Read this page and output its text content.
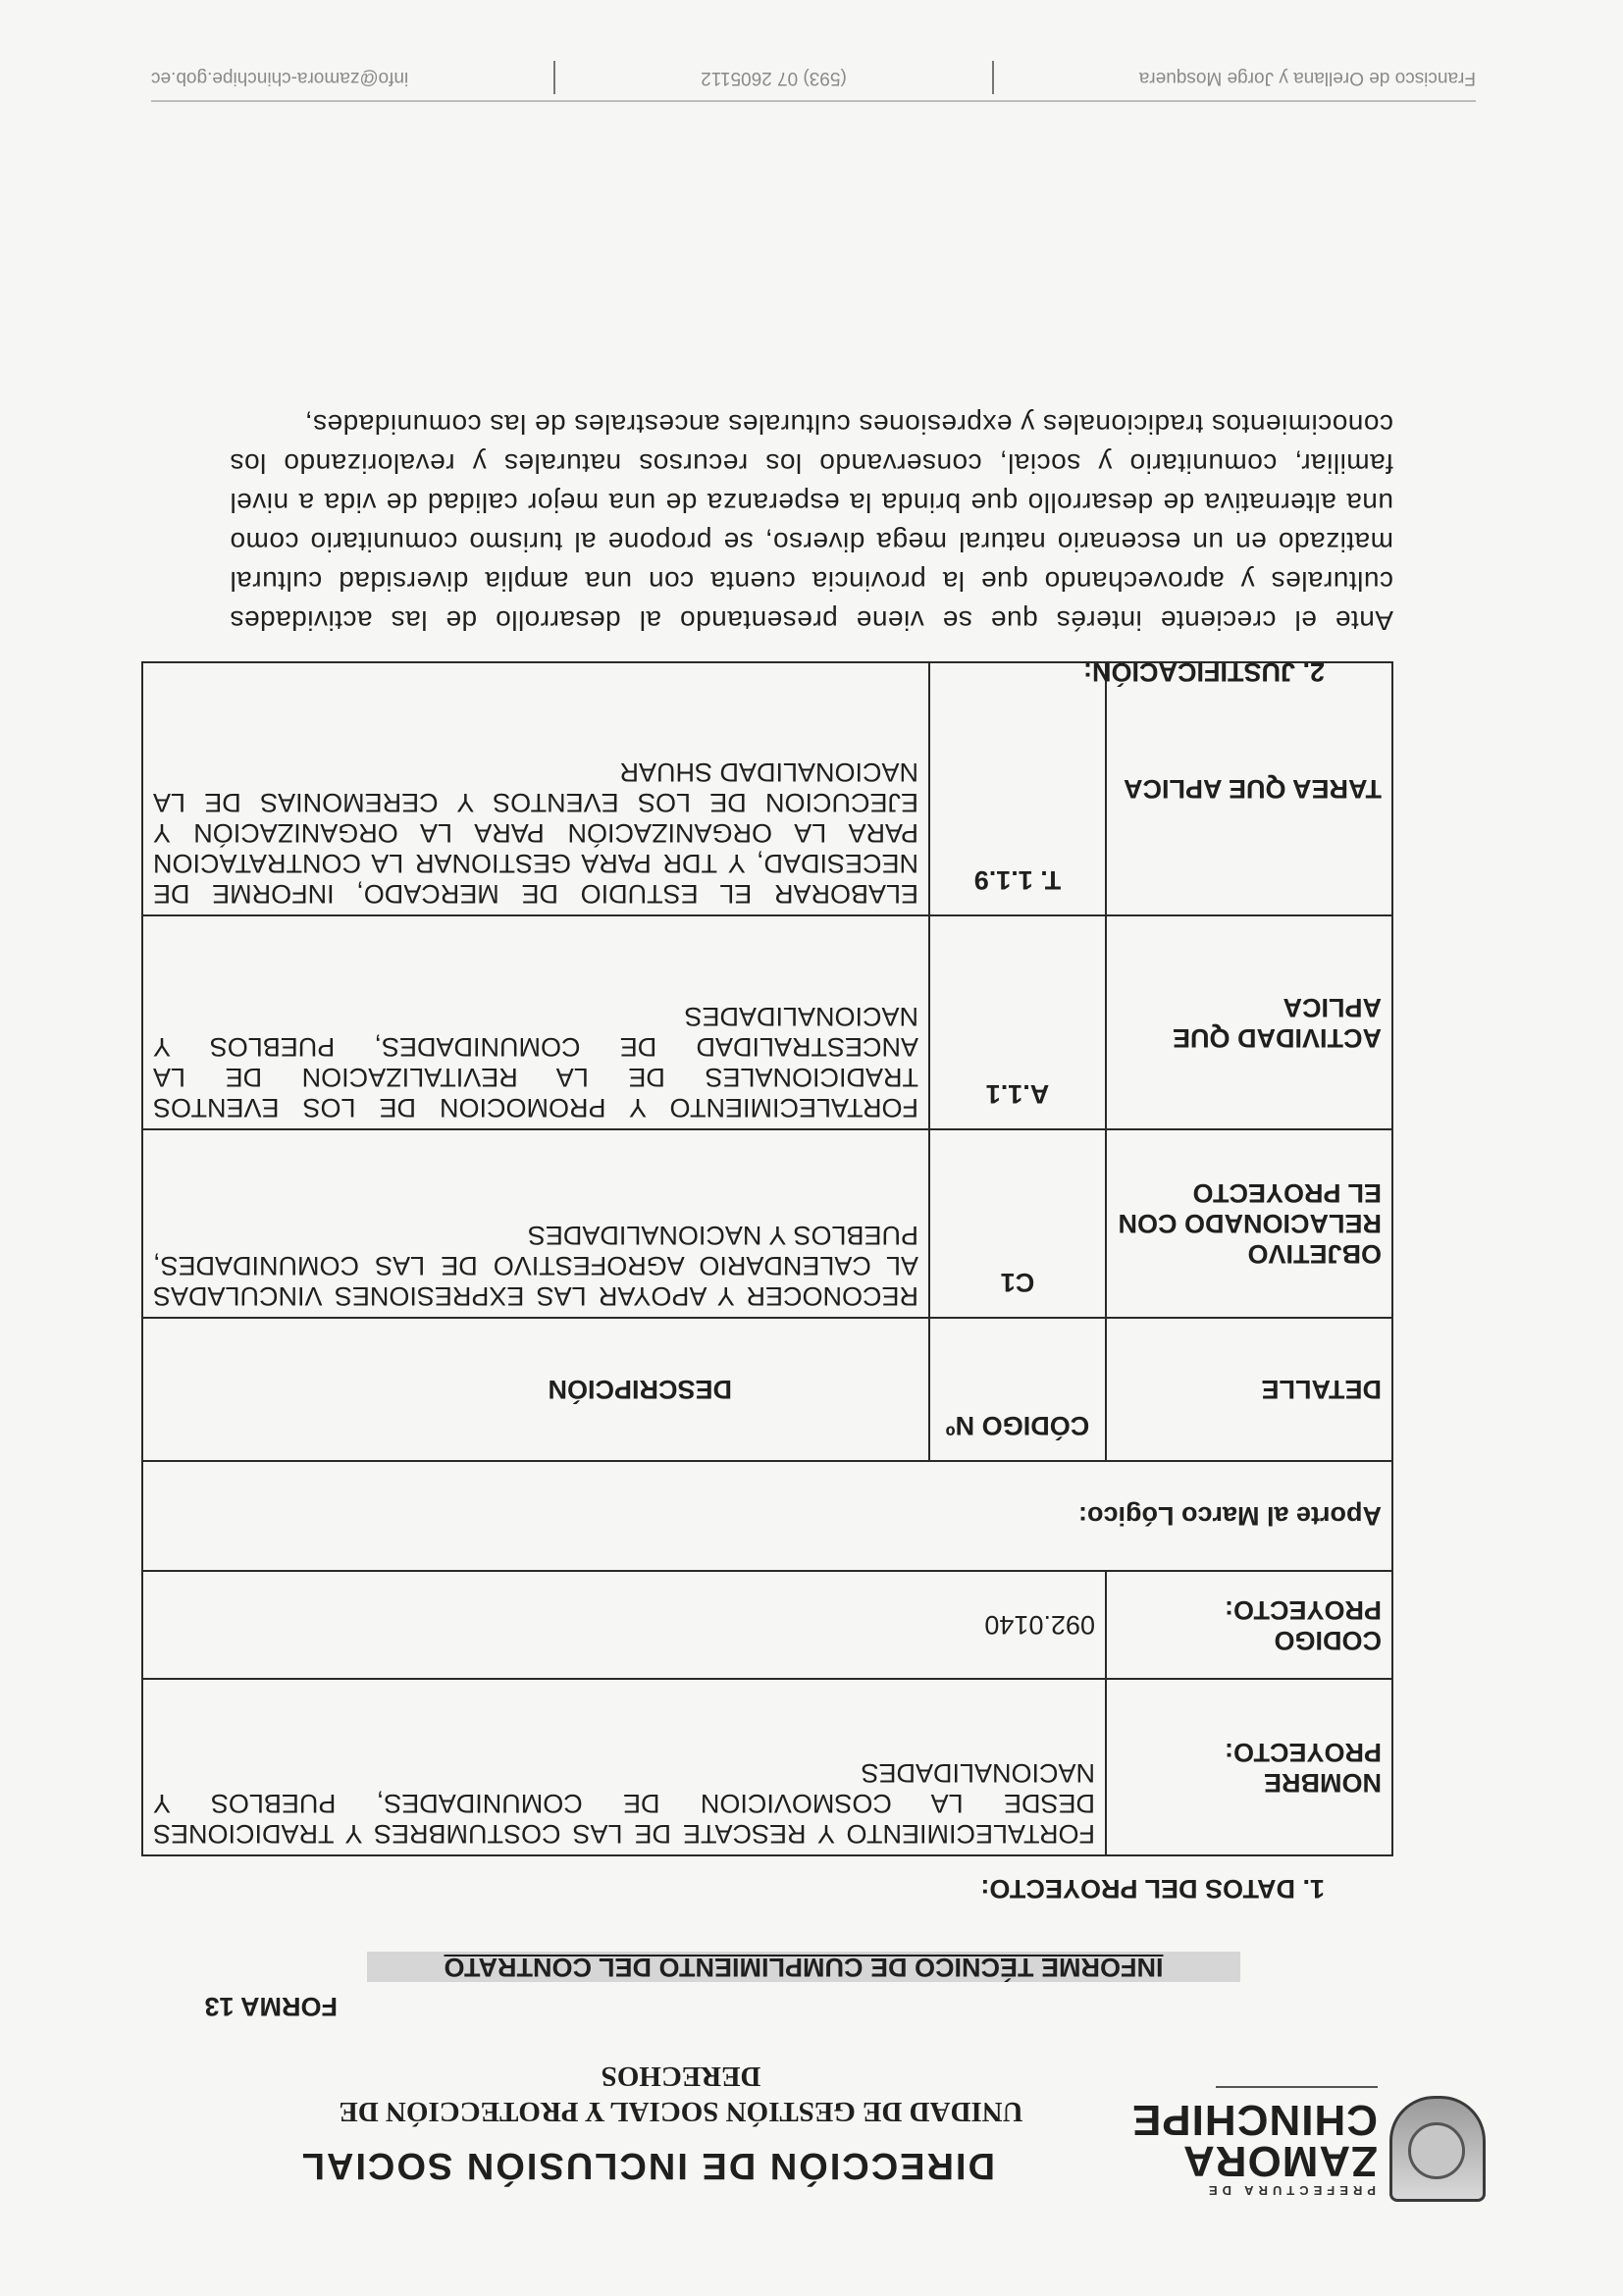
PREFECTURA DE
ZAMORA
CHINCHIPE
DIRECCIÓN DE INCLUSIÓN SOCIAL
UNIDAD DE GESTIÓN SOCIAL Y PROTECCIÓN DE DERECHOS
FORMA 13
INFORME TÉCNICO DE CUMPLIMIENTO DEL CONTRATO
1. DATOS DEL PROYECTO:
NOMBRE PROYECTO:	FORTALECIMIENTO Y RESCATE DE LAS COSTUMBRES Y TRADICIONES DESDE LA COSMOVICION DE COMUNIDADES, PUEBLOS Y NACIONALIDADES	
CODIGO PROYECTO:	092.0140	
Aporte al Marco Lógico:		
DETALLE	CÓDIGO Nº	DESCRIPCIÓN
OBJETIVO RELACIONADO CON EL PROYECTO	C1	RECONOCER Y APOYAR LAS EXPRESIONES VINCULADAS AL CALENDARIO AGROFESTIVO DE LAS COMUNIDADES, PUEBLOS Y NACIONALIDADES
ACTIVIDAD QUE APLICA	A.1.1	FORTALECIMIENTO Y PROMOCION DE LOS EVENTOS TRADICIONALES DE LA REVITALIZACION DE LA ANCESTRALIDAD DE COMUNIDADES, PUEBLOS Y NACIONALIDADES
TAREA QUE APLICA	T. 1.1.9	ELABORAR EL ESTUDIO DE MERCADO, INFORME DE NECESIDAD, Y TDR PARA GESTIONAR LA CONTRATACION PARA LA ORGANIZACIÓN PARA LA ORGANIZACIÓN Y EJECUCION DE LOS EVENTOS Y CEREMONIAS DE LA NACIONALIDAD SHUAR
2. JUSTIFICACIÓN:
Ante el creciente interés que se viene presentando al desarrollo de las actividades culturales y aprovechando que la provincia cuenta con una amplia diversidad cultural matizado en un escenario natural mega diverso, se propone al turismo comunitario como una alternativa de desarrollo que brinda la esperanza de una mejor calidad de vida a nivel familiar, comunitario y social, conservando los recursos naturales y revalorizando los conocimientos tradicionales y expresiones culturales ancestrales de las comunidades,
Francisco de Orellana y Jorge Mosquera
(593) 07 2605112
info@zamora-chinchipe.gob.ec
